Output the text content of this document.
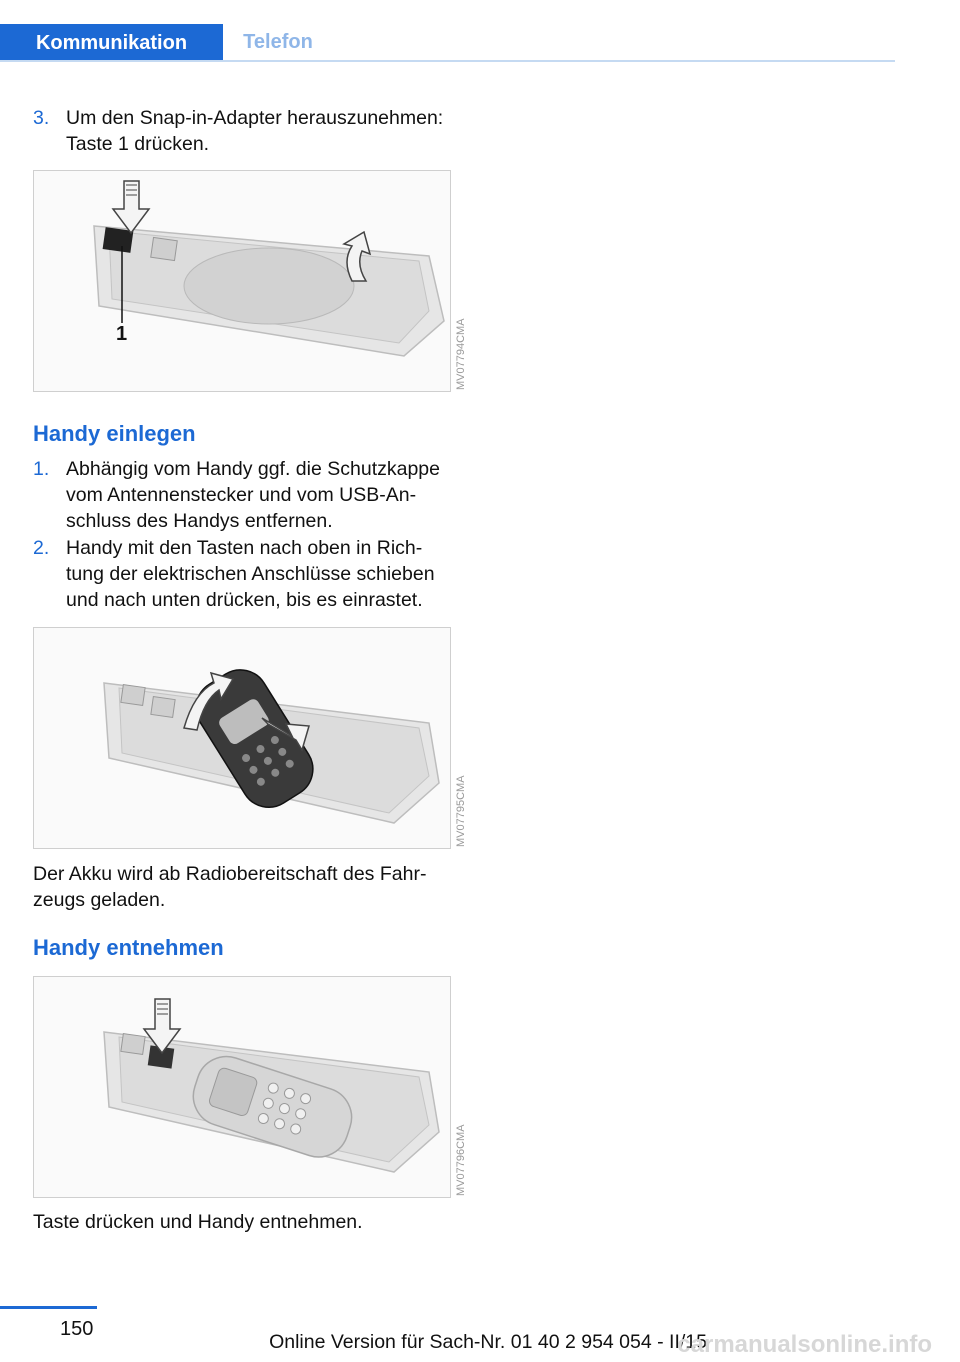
Kommunikation	Telefon
3. Um den Snap-in-Adapter herauszunehmen: Taste 1 drücken.
1	MV07794CMA
Handy einlegen
1. Abhängig vom Handy ggf. die Schutzkappe vom Antennenstecker und vom USB-Anschluss des Handys entfernen.
2. Handy mit den Tasten nach oben in Richtung der elektrischen Anschlüsse schieben und nach unten drücken, bis es einrastet.
MV07795CMA
Der Akku wird ab Radiobereitschaft des Fahrzeugs geladen.
Handy entnehmen
MV07796CMA
Taste drücken und Handy entnehmen.
150
Online Version für Sach-Nr. 01 40 2 954 054 - II/15
carmanualsonline.info
